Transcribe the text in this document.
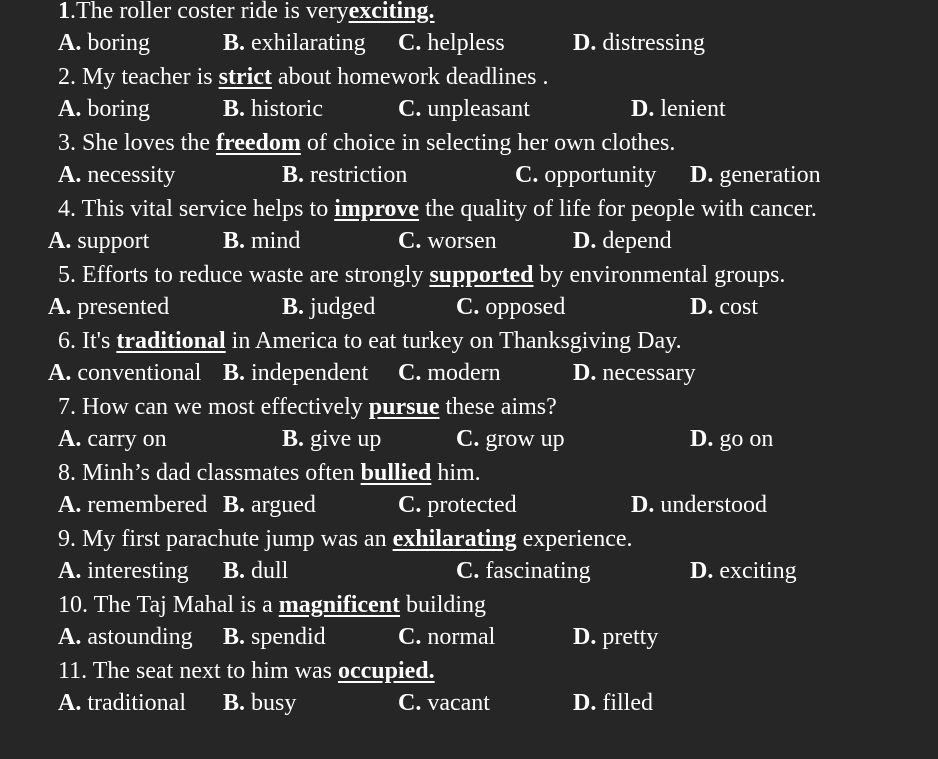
1.The roller coster ride is veryexciting.
A. boring	B. exhilarating C. helpless	D. distressing
2. My teacher is strict about homework deadlines .
A. boring	B. historic	C. unpleasant	D. lenient
3. She loves the freedom of choice in selecting her own clothes.
A. necessity	B. restriction	C. opportunity D. generation
4. This vital service helps to improve the quality of life for people with cancer.
A. support	B. mind	C. worsen	D. depend
5. Efforts to reduce waste are strongly supported by environmental groups.
A. presented	B. judged	C. opposed	D. cost
6. It's traditional in America to eat turkey on Thanksgiving Day.
A. conventional B. independent C. modern	D. necessary
7. How can we most effectively pursue these aims?
A. carry on	B. give up	C. grow up	D. go on
8. Minh’s dad classmates often bullied him.
A. remembered B. argued	C. protected	D. understood
9. My first parachute jump was an exhilarating experience.
A. interesting B. dull	C. fascinating	D. exciting
10. The Taj Mahal is a magnificent building
A. astounding B. spendid	C. normal	D. pretty
11. The seat next to him was occupied.
A. traditional B. busy	C. vacant	D. filled
